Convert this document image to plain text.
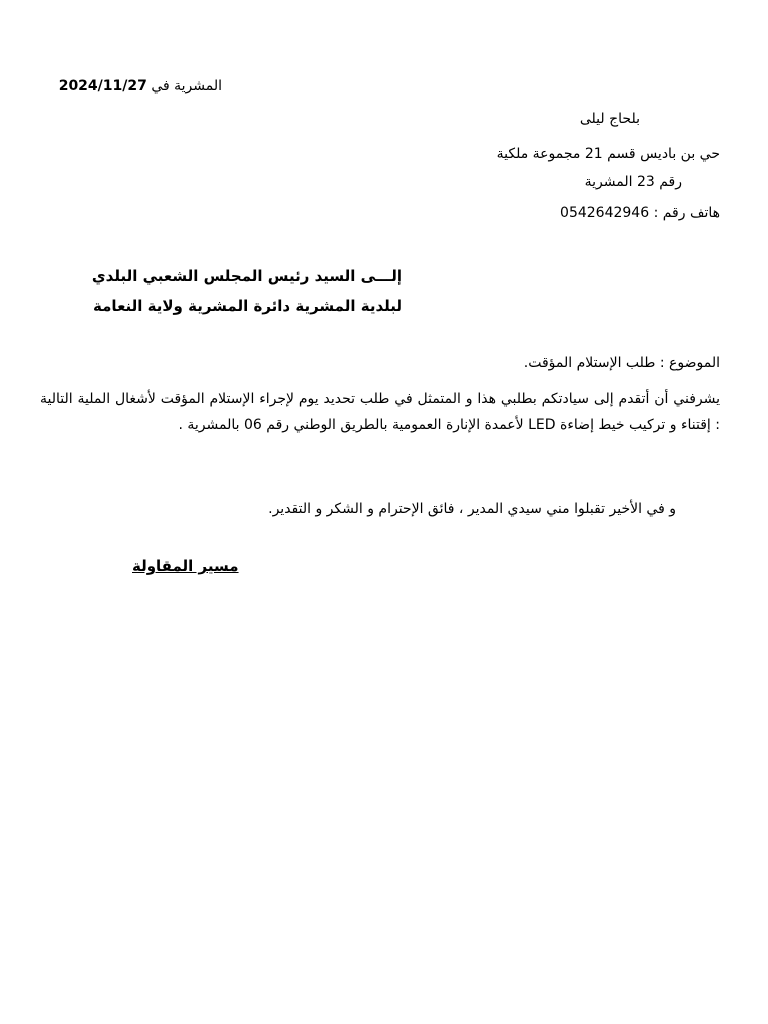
المشرية في 2024/11/27
بلحاج ليلى
حي بن باديس قسم 21 مجموعة ملكية
رقم 23 المشرية
هاتف رقم : 0542642946
إلـــى السيد رئيس المجلس الشعبي البلدي
لبلدية المشرية دائرة المشرية ولاية النعامة
الموضوع : طلب الإستلام المؤقت.
يشرفني أن أتقدم إلى سيادتكم بطلبي هذا و المتمثل في طلب تحديد يوم لإجراء الإستلام المؤقت لأشغال الملية التالية : إقتناء و تركيب خيط إضاءة LED لأعمدة الإنارة العمومية بالطريق الوطني رقم 06 بالمشرية .
و في الأخير تقبلوا مني سيدي المدير ، فائق الإحترام و الشكر و التقدير.
مسير المقاولة
